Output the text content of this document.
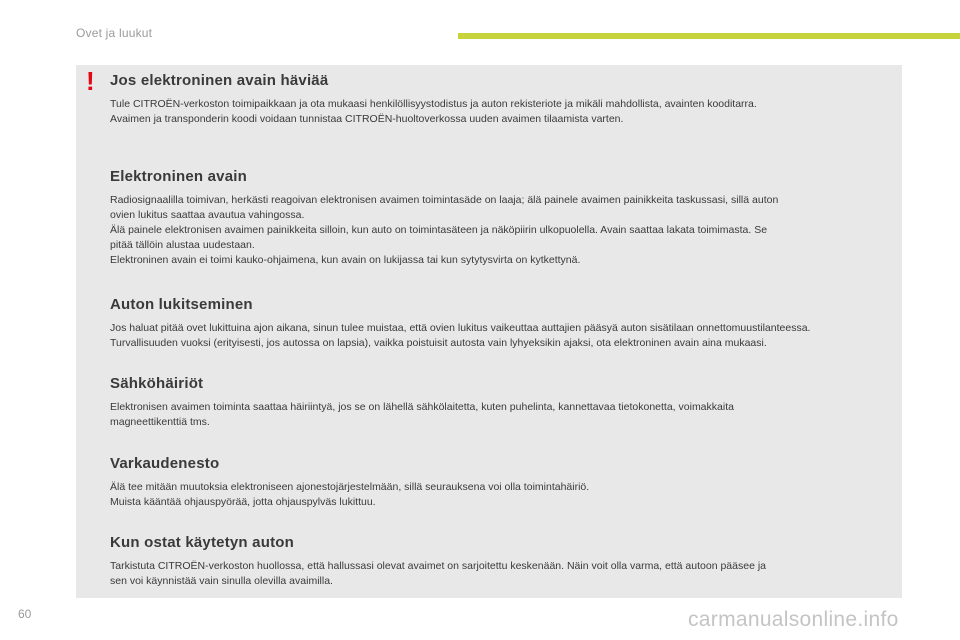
Ovet ja luukut
! Jos elektroninen avain häviää

Tule CITROËN-verkoston toimipaikkaan ja ota mukaasi henkilöllisyystodistus ja auton rekisteriote ja mikäli mahdollista, avainten kooditarra.
Avaimen ja transponderin koodi voidaan tunnistaa CITROËN-huoltoverkossa uuden avaimen tilaamista varten.

Elektroninen avain

Radiosignaalilla toimivan, herkästi reagoivan elektronisen avaimen toimintasäde on laaja; älä painele avaimen painikkeita taskussasi, sillä auton
ovien lukitus saattaa avautua vahingossa.
Älä painele elektronisen avaimen painikkeita silloin, kun auto on toimintasäteen ja näköpiirin ulkopuolella. Avain saattaa lakata toimimasta. Se
pitää tällöin alustaa uudestaan.
Elektroninen avain ei toimi kauko-ohjaimena, kun avain on lukijassa tai kun sytytysvirta on kytkettynä.

Auton lukitseminen

Jos haluat pitää ovet lukittuina ajon aikana, sinun tulee muistaa, että ovien lukitus vaikeuttaa auttajien pääsyä auton sisätilaan onnettomuustilanteessa.
Turvallisuuden vuoksi (erityisesti, jos autossa on lapsia), vaikka poistuisit autosta vain lyhyeksikin ajaksi, ota elektroninen avain aina mukaasi.

Sähköhäiriöt

Elektronisen avaimen toiminta saattaa häiriintyä, jos se on lähellä sähkölaitetta, kuten puhelinta, kannettavaa tietokonetta, voimakkaita
magneettikenttiä tms.

Varkaudenesto

Älä tee mitään muutoksia elektroniseen ajonestojärjestelmään, sillä seurauksena voi olla toimintahäiriö.
Muista kääntää ohjauspyörää, jotta ohjauspylväs lukittuu.

Kun ostat käytetyn auton

Tarkistuta CITROËN-verkoston huollossa, että hallussasi olevat avaimet on sarjoitettu keskenään. Näin voit olla varma, että autoon pääsee ja
sen voi käynnistää vain sinulla olevilla avaimilla.

60	carmanualsonline.info
